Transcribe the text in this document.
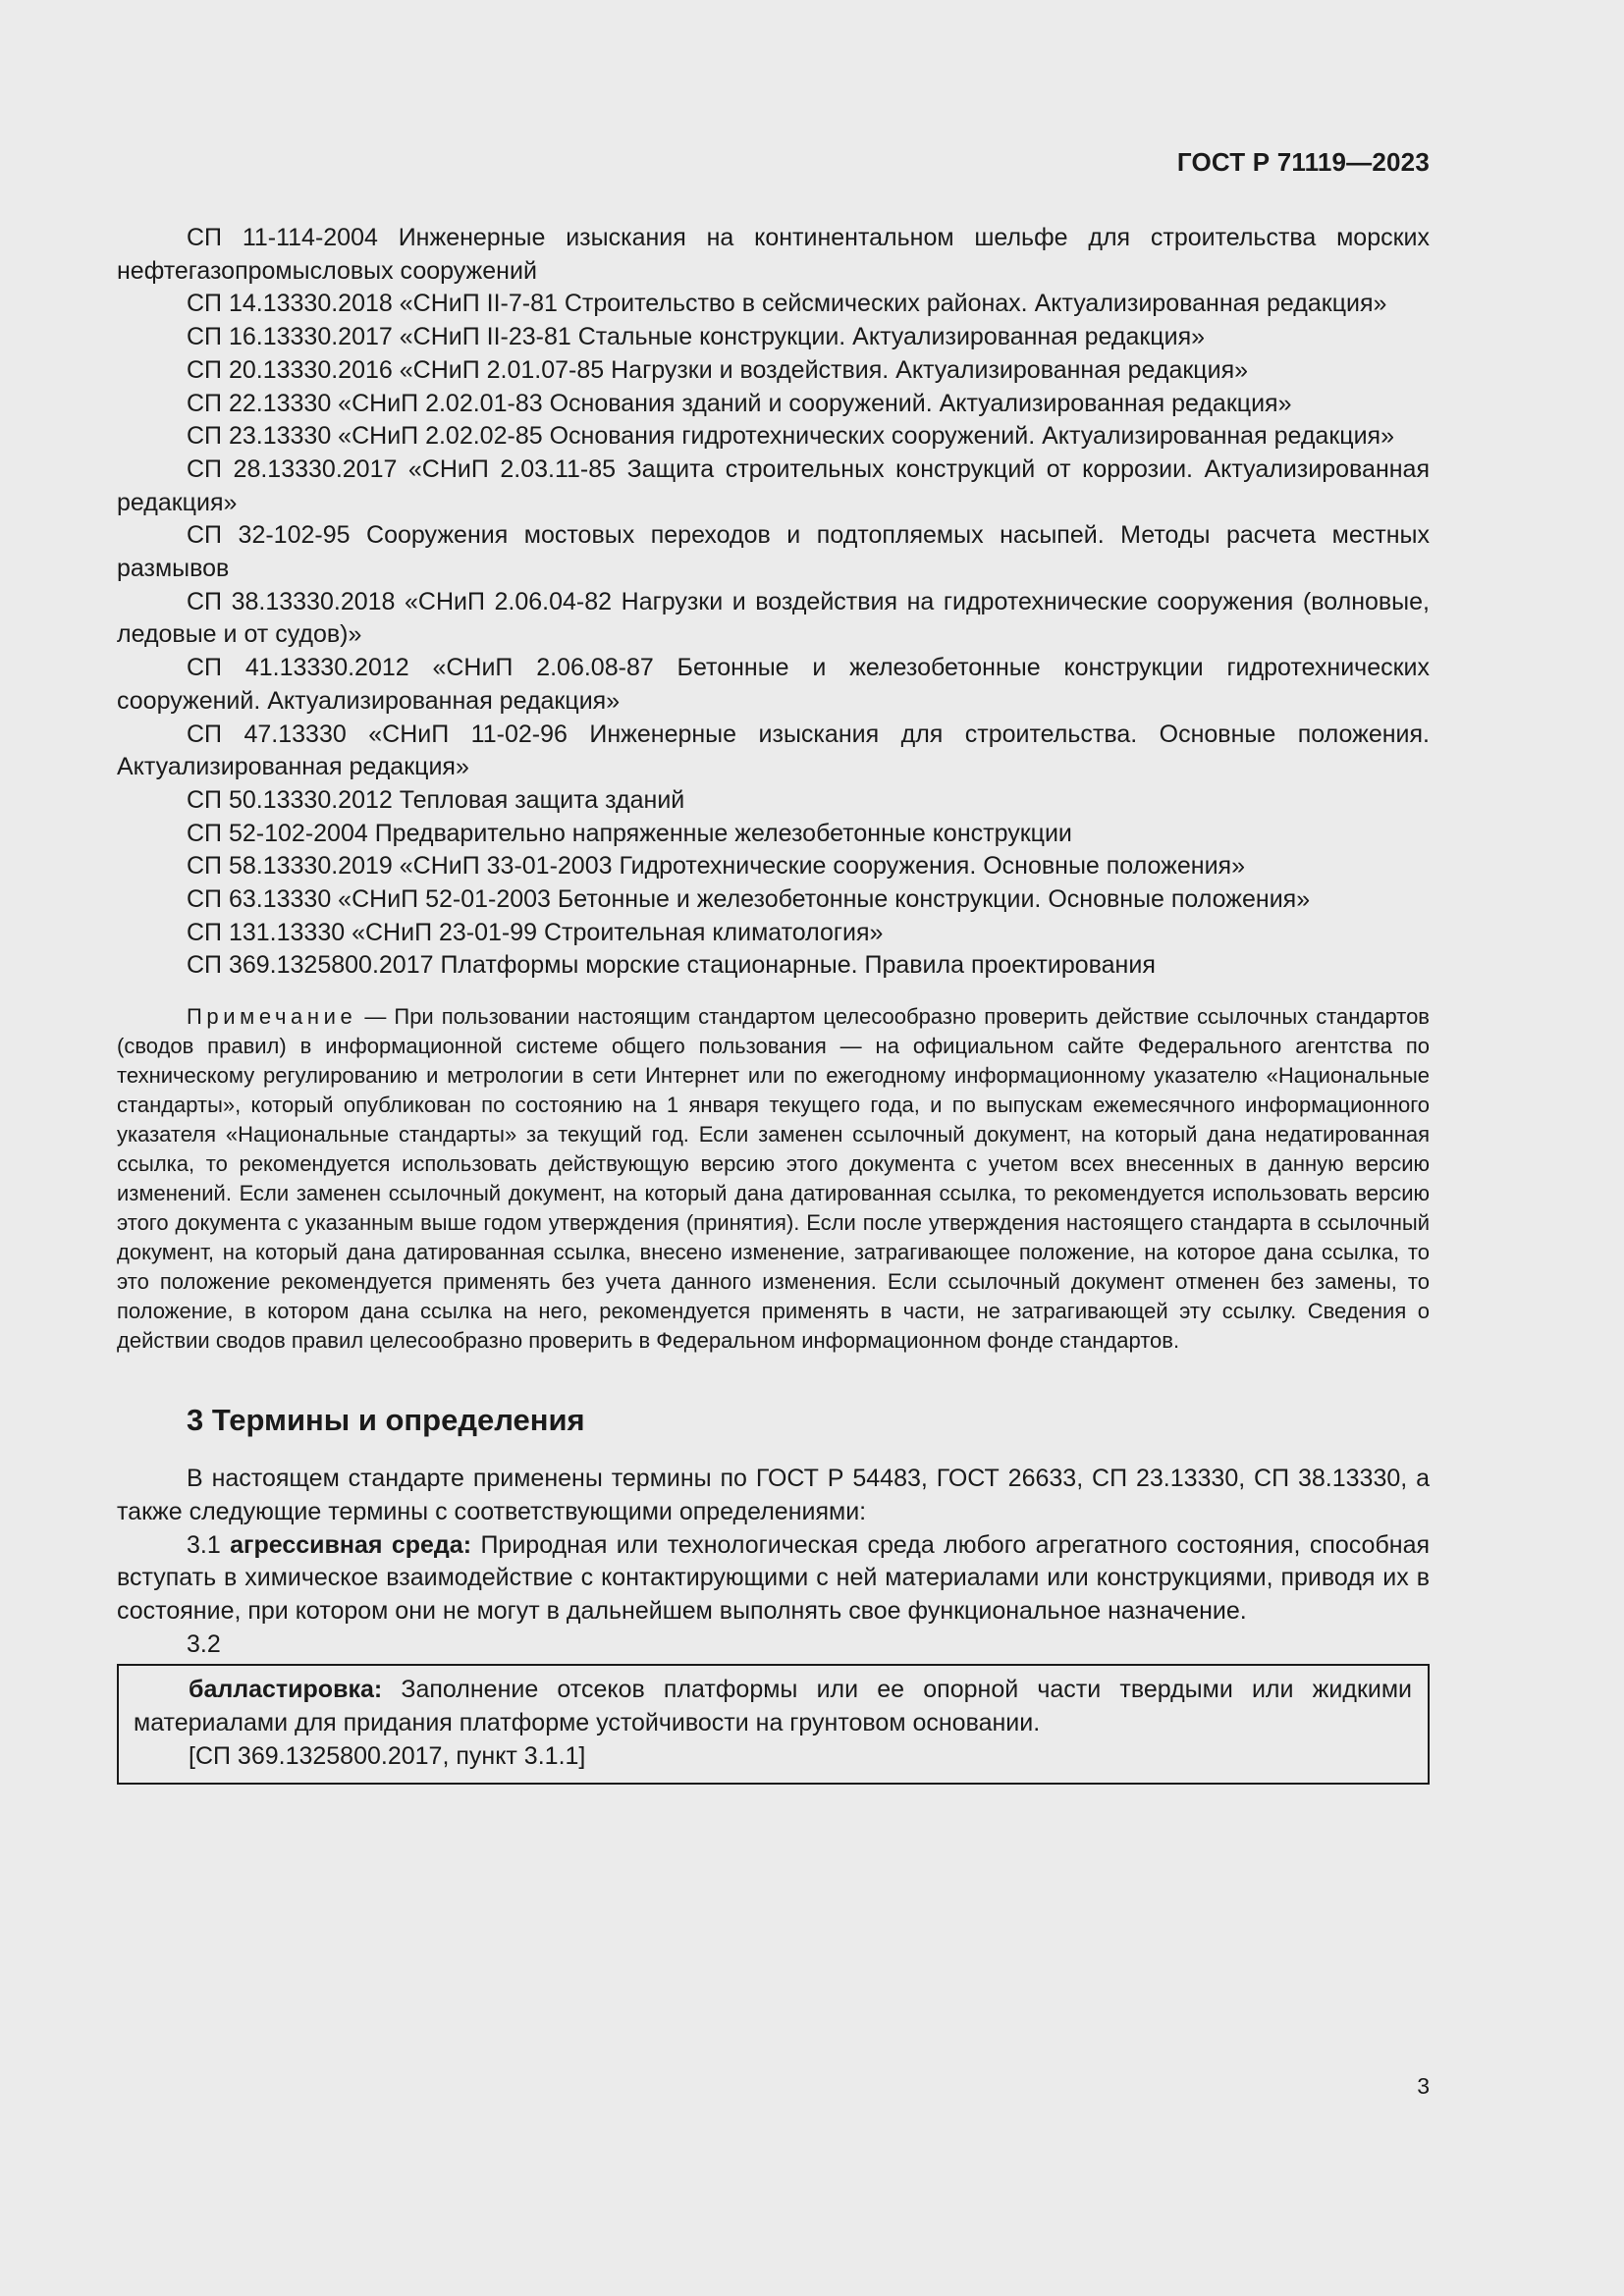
ГОСТ Р 71119—2023

СП 11-114-2004 Инженерные изыскания на континентальном шельфе для строительства морских нефтегазопромысловых сооружений

СП 14.13330.2018 «СНиП II-7-81 Строительство в сейсмических районах. Актуализированная редакция»

СП 16.13330.2017 «СНиП II-23-81 Стальные конструкции. Актуализированная редакция»

СП 20.13330.2016 «СНиП 2.01.07-85 Нагрузки и воздействия. Актуализированная редакция»

СП 22.13330 «СНиП 2.02.01-83 Основания зданий и сооружений. Актуализированная редакция»

СП 23.13330 «СНиП 2.02.02-85 Основания гидротехнических сооружений. Актуализированная редакция»

СП 28.13330.2017 «СНиП 2.03.11-85 Защита строительных конструкций от коррозии. Актуализированная редакция»

СП 32-102-95 Сооружения мостовых переходов и подтопляемых насыпей. Методы расчета местных размывов

СП 38.13330.2018 «СНиП 2.06.04-82 Нагрузки и воздействия на гидротехнические сооружения (волновые, ледовые и от судов)»

СП 41.13330.2012 «СНиП 2.06.08-87 Бетонные и железобетонные конструкции гидротехнических сооружений. Актуализированная редакция»

СП 47.13330 «СНиП 11-02-96 Инженерные изыскания для строительства. Основные положения. Актуализированная редакция»

СП 50.13330.2012 Тепловая защита зданий

СП 52-102-2004 Предварительно напряженные железобетонные конструкции

СП 58.13330.2019 «СНиП 33-01-2003 Гидротехнические сооружения. Основные положения»

СП 63.13330 «СНиП 52-01-2003 Бетонные и железобетонные конструкции. Основные положения»

СП 131.13330 «СНиП 23-01-99 Строительная климатология»

СП 369.1325800.2017 Платформы морские стационарные. Правила проектирования

Примечание — При пользовании настоящим стандартом целесообразно проверить действие ссылочных стандартов (сводов правил) в информационной системе общего пользования — на официальном сайте Федерального агентства по техническому регулированию и метрологии в сети Интернет или по ежегодному информационному указателю «Национальные стандарты», который опубликован по состоянию на 1 января текущего года, и по выпускам ежемесячного информационного указателя «Национальные стандарты» за текущий год. Если заменен ссылочный документ, на который дана недатированная ссылка, то рекомендуется использовать действующую версию этого документа с учетом всех внесенных в данную версию изменений. Если заменен ссылочный документ, на который дана датированная ссылка, то рекомендуется использовать версию этого документа с указанным выше годом утверждения (принятия). Если после утверждения настоящего стандарта в ссылочный документ, на который дана датированная ссылка, внесено изменение, затрагивающее положение, на которое дана ссылка, то это положение рекомендуется применять без учета данного изменения. Если ссылочный документ отменен без замены, то положение, в котором дана ссылка на него, рекомендуется применять в части, не затрагивающей эту ссылку. Сведения о действии сводов правил целесообразно проверить в Федеральном информационном фонде стандартов.

3 Термины и определения

В настоящем стандарте применены термины по ГОСТ Р 54483, ГОСТ 26633, СП 23.13330, СП 38.13330, а также следующие термины с соответствующими определениями:

3.1 агрессивная среда: Природная или технологическая среда любого агрегатного состояния, способная вступать в химическое взаимодействие с контактирующими с ней материалами или конструкциями, приводя их в состояние, при котором они не могут в дальнейшем выполнять свое функциональное назначение.

3.2

балластировка: Заполнение отсеков платформы или ее опорной части твердыми или жидкими материалами для придания платформе устойчивости на грунтовом основании.

[СП 369.1325800.2017, пункт 3.1.1]

3
